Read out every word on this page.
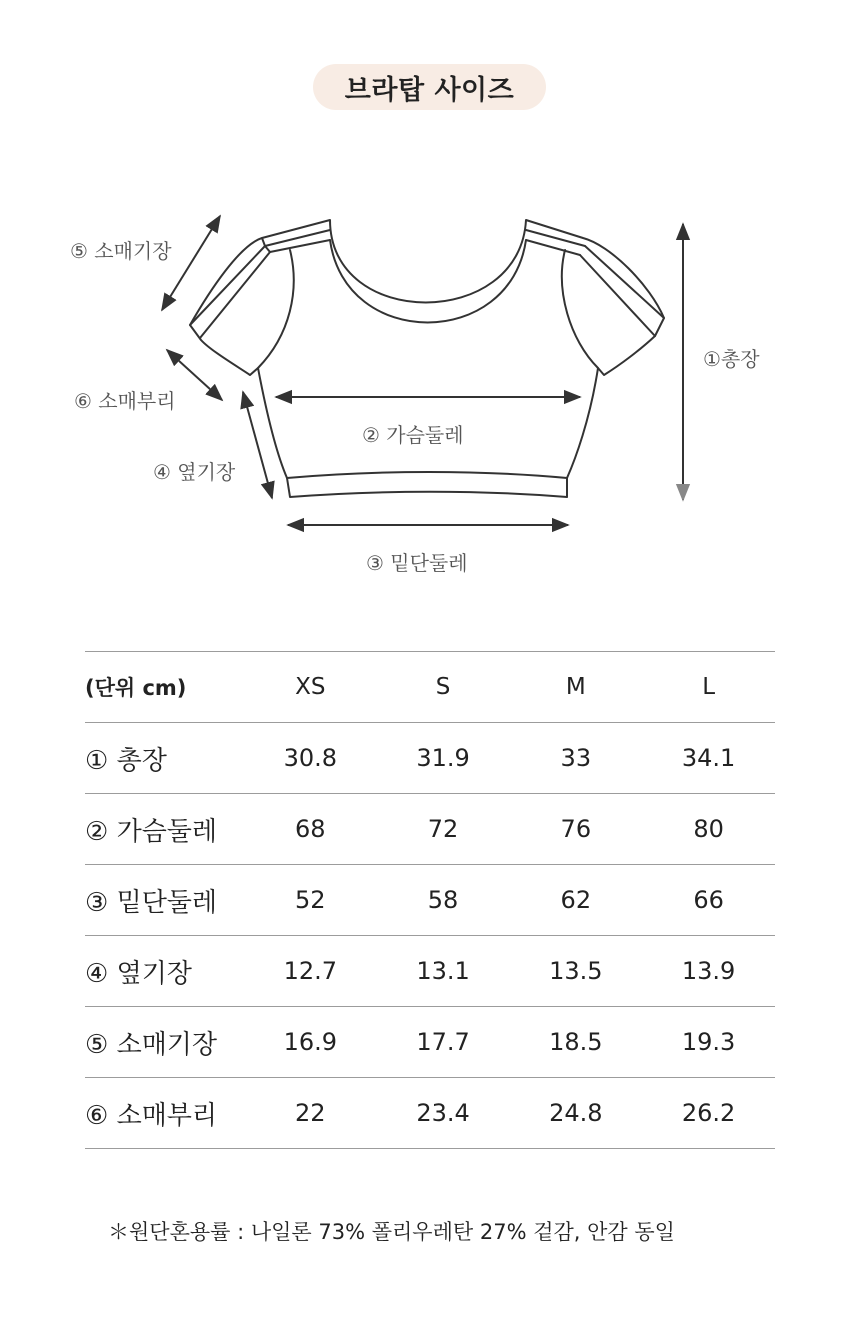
브라탑 사이즈
⑤ 소매기장
①총장
⑥ 소매부리
② 가슴둘레
④ 옆기장
③ 밑단둘레
(단위 cm)	XS	S	M	L
① 총장	30.8	31.9	33	34.1
② 가슴둘레	68	72	76	80
③ 밑단둘레	52	58	62	66
④ 옆기장	12.7	13.1	13.5	13.9
⑤ 소매기장	16.9	17.7	18.5	19.3
⑥ 소매부리	22	23.4	24.8	26.2
＊원단혼용률 : 나일론 73% 폴리우레탄 27% 겉감, 안감 동일
